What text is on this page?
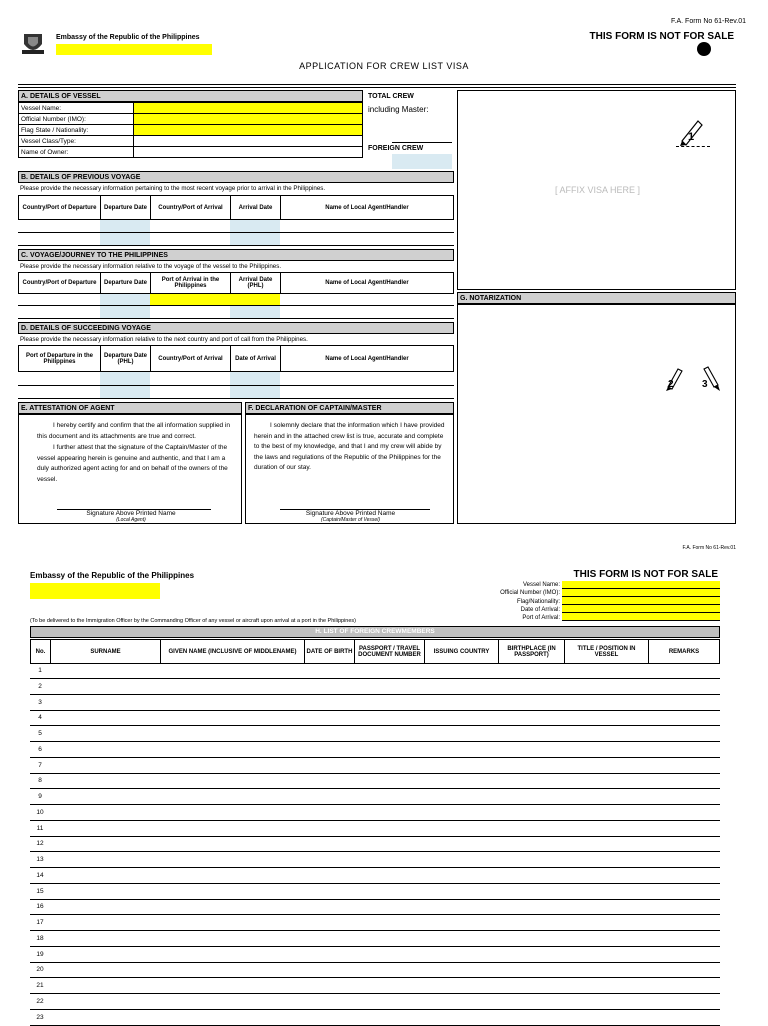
F.A. Form No 61-Rev.01
THIS FORM IS NOT FOR SALE
Embassy of the Republic of the Philippines
APPLICATION FOR CREW LIST VISA
A. DETAILS OF VESSEL
Vessel Name:	
Official Number (IMO):	
Flag State / Nationality:	
Vessel Class/Type:	
Name of Owner:	
TOTAL CREW
including Master:
FOREIGN CREW
[ AFFIX VISA HERE ]
1
B. DETAILS OF PREVIOUS VOYAGE
Please provide the necessary information pertaining to the most recent voyage prior to arrival in the Philippines.
Country/Port of Departure	Departure Date	Country/Port of Arrival	Arrival Date	Name of Local Agent/Handler
C. VOYAGE/JOURNEY TO THE PHILIPPINES
Please provide the necessary information relative to the voyage of the vessel to the Philippines.
Country/Port of Departure	Departure Date	Port of Arrival in the Philippines	Arrival Date (PHL)	Name of Local Agent/Handler
G. NOTARIZATION
2	3
D. DETAILS OF SUCCEEDING VOYAGE
Please provide the necessary information relative to the next country and port of call from the Philippines.
Port of Departure in the Philippines	Departure Date (PHL)	Country/Port of Arrival	Date of Arrival	Name of Local Agent/Handler
E. ATTESTATION OF AGENT
I hereby certify and confirm that the all information supplied in this document and its attachments are true and correct.
I further attest that the signature of the Captain/Master of the vessel appearing herein is genuine and authentic, and that I am a duly authorized agent acting for and on behalf of the owners of the vessel.
Signature Above Printed Name
(Local Agent)
F. DECLARATION OF CAPTAIN/MASTER
I solemnly declare that the information which I have provided herein and in the attached crew list is true, accurate and complete to the best of my knowledge, and that I and my crew will abide by the laws and regulations of the Republic of the Philippines for the duration of our stay.
Signature Above Printed Name
(Captain/Master of Vessel)
F.A. Form No 61-Rev.01
Embassy of the Republic of the Philippines	THIS FORM IS NOT FOR SALE
Vessel Name:
Official Number (IMO):
Flag/Nationality:
Date of Arrival:
Port of Arrival:
(To be delivered to the Immigration Officer by the Commanding Officer of any vessel or aircraft upon arrival at a port in the Philippines)
H. LIST OF FOREIGN CREWMEMBERS
No.	SURNAME	GIVEN NAME (INCLUSIVE OF MIDDLENAME)	DATE OF BIRTH	PASSPORT / TRAVEL DOCUMENT NUMBER	ISSUING COUNTRY	BIRTHPLACE (IN PASSPORT)	TITLE / POSITION IN VESSEL	REMARKS
1
2
3
4
5
6
7
8
9
10
11
12
13
14
15
16
17
18
19
20
21
22
23
